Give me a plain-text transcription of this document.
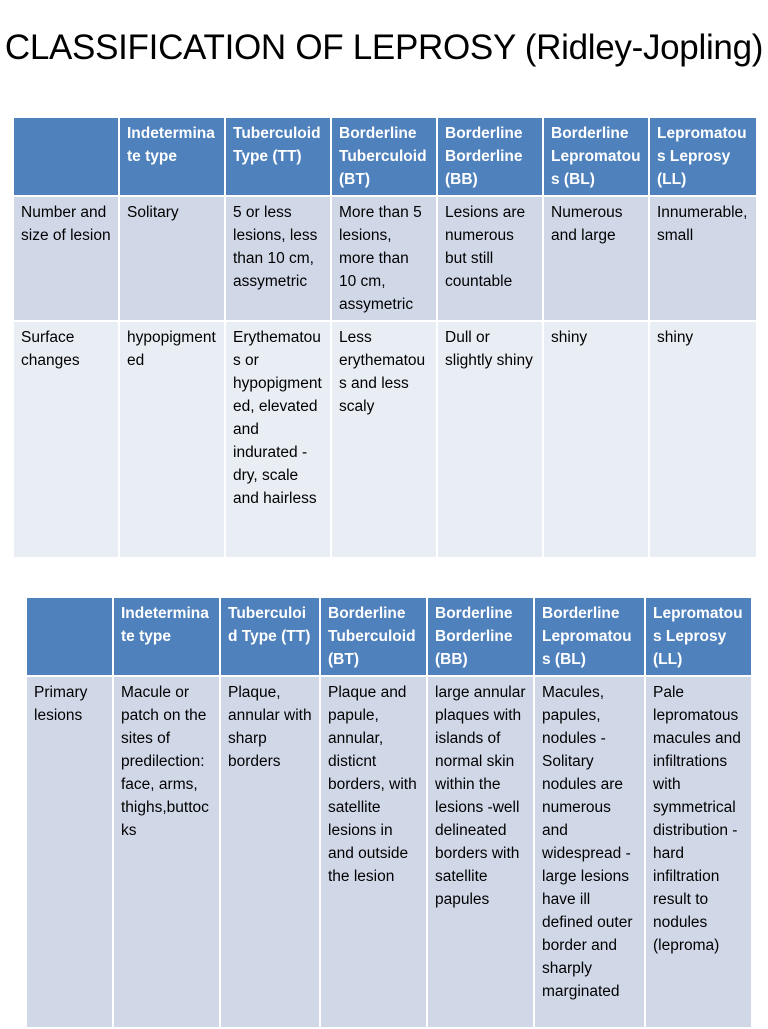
CLASSIFICATION OF LEPROSY (Ridley-Jopling)
	Indeterminate type	Tuberculoid Type (TT)	Borderline Tuberculoid (BT)	Borderline Borderline (BB)	Borderline Lepromatous (BL)	Lepromatous Leprosy (LL)
Number and size of lesion	Solitary	5 or less lesions, less than 10 cm, assymetric	More than 5 lesions, more than 10 cm, assymetric	Lesions are numerous but still countable	Numerous and large	Innumerable, small
Surface changes	hypopigmented	Erythematous or hypopigmented, elevated and indurated -dry, scale and hairless	Less erythematous and less scaly	Dull or slightly shiny	shiny	shiny
	Indeterminate type	Tuberculoid Type (TT)	Borderline Tuberculoid (BT)	Borderline Borderline (BB)	Borderline Lepromatous (BL)	Lepromatous Leprosy (LL)
Primary lesions	Macule or patch on the sites of predilection: face, arms, thighs,buttocks	Plaque, annular with sharp borders	Plaque and papule, annular, disticnt borders, with satellite lesions in and outside the lesion	large annular plaques with islands of normal skin within the lesions -well delineated borders with satellite papules	Macules, papules, nodules -Solitary nodules are numerous and widespread -large lesions have ill defined outer border and sharply marginated	Pale lepromatous macules and infiltrations with symmetrical distribution -hard infiltration result to nodules (leproma)
